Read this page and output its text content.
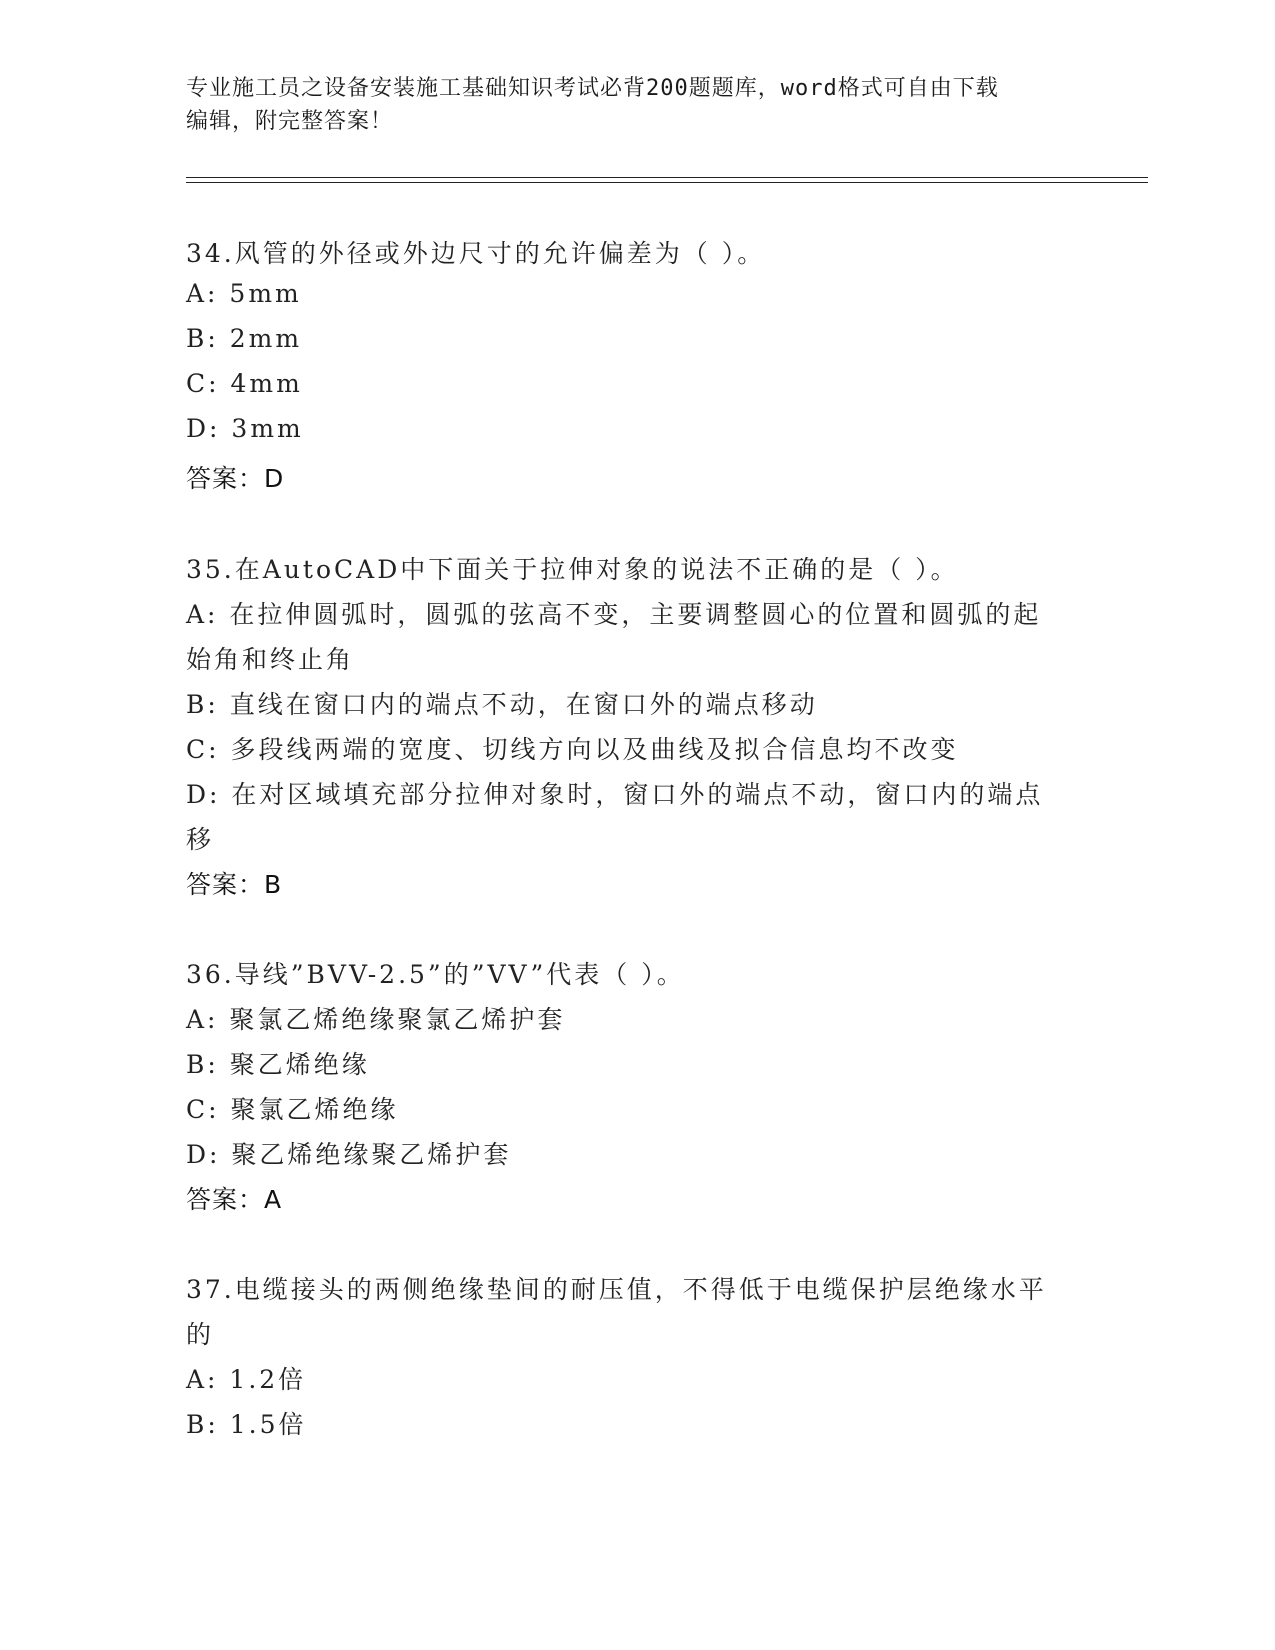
专业施工员之设备安装施工基础知识考试必背200题题库，word格式可自由下载
编辑，附完整答案！
34.风管的外径或外边尺寸的允许偏差为（ ）。
A: 5mm
B: 2mm
C: 4mm
D: 3mm
答案：D
35.在AutoCAD中下面关于拉伸对象的说法不正确的是（ ）。
A: 在拉伸圆弧时，圆弧的弦高不变，主要调整圆心的位置和圆弧的起
始角和终止角
B: 直线在窗口内的端点不动，在窗口外的端点移动
C: 多段线两端的宽度、切线方向以及曲线及拟合信息均不改变
D: 在对区域填充部分拉伸对象时，窗口外的端点不动，窗口内的端点
移
答案：B
36.导线”BVV-2.5”的”VV”代表（ ）。
A: 聚氯乙烯绝缘聚氯乙烯护套
B: 聚乙烯绝缘
C: 聚氯乙烯绝缘
D: 聚乙烯绝缘聚乙烯护套
答案：A
37.电缆接头的两侧绝缘垫间的耐压值，不得低于电缆保护层绝缘水平
的
A: 1.2倍
B: 1.5倍
